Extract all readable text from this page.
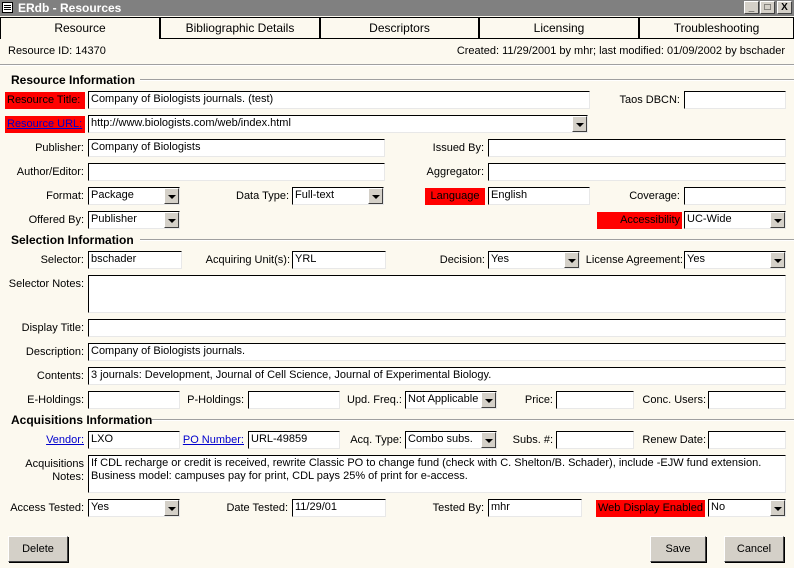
ERdb - Resources	_	□	X
Resource	Bibliographic Details	Descriptors	Licensing	Troubleshooting
Resource ID: 14370	Created: 11/29/2001 by mhr; last modified: 01/09/2002 by bschader
Resource Information
Resource Title: Company of Biologists journals. (test)	Taos DBCN:
Resource URL: http://www.biologists.com/web/index.html
Publisher: Company of Biologists	Issued By:
Author/Editor:	Aggregator:
Format: Package	Data Type: Full-text	Language	English	Coverage:
Offered By: Publisher	Accessibility UC-Wide
Selection Information
Selector: bschader	Acquiring Unit(s): YRL	Decision: Yes	License Agreement: Yes
Selector Notes:
Display Title:
Description: Company of Biologists journals.
Contents: 3 journals: Development, Journal of Cell Science, Journal of Experimental Biology.
E-Holdings:	P-Holdings:	Upd. Freq.: Not Applicable	Price:	Conc. Users:
Acquisitions Information
Vendor: LXO	PO Number: URL-49859	Acq. Type: Combo subs.	Subs. #:	Renew Date:
Acquisitions
Notes:
If CDL recharge or credit is received, rewrite Classic PO to change fund (check with C. Shelton/B. Schader), include -EJW fund extension. Business model: campuses pay for print, CDL pays 25% of print for e-access.
Access Tested: Yes	Date Tested: 11/29/01	Tested By: mhr	Web Display Enabled No
Delete	Save	Cancel
